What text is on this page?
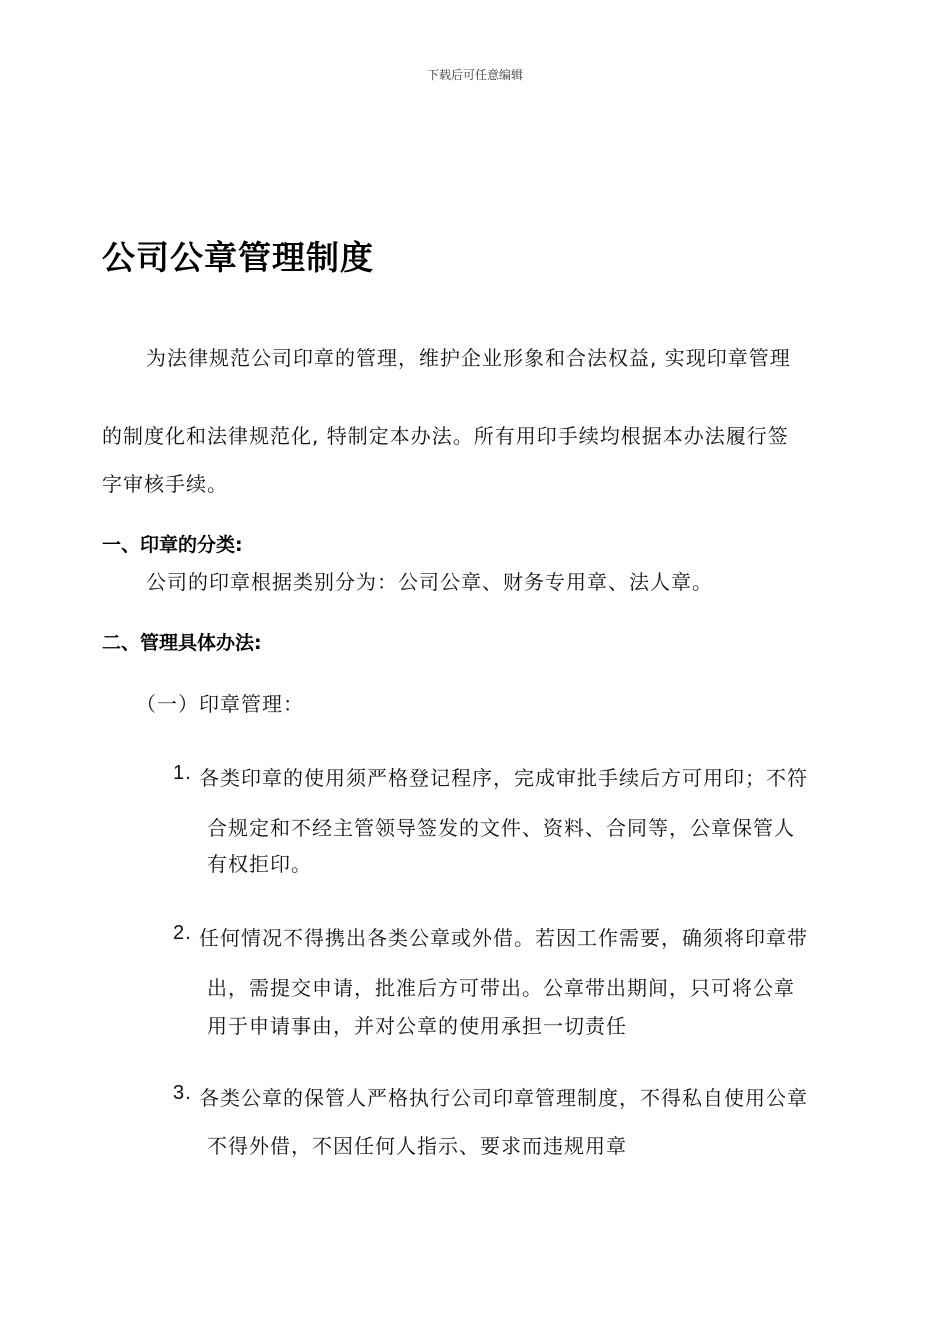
下载后可任意编辑
公司公章管理制度
为法律规范公司印章的管理，维护企业形象和合法权益, 实现印章管理
的制度化和法律规范化, 特制定本办法。所有用印手续均根据本办法履行签
字审核手续。
一、印章的分类:
公司的印章根据类别分为：公司公章、财务专用章、法人章。
二、管理具体办法:
（一）印章管理：
1. 各类印章的使用须严格登记程序，完成审批手续后方可用印；不符
合规定和不经主管领导签发的文件、资料、合同等，公章保管人
有权拒印。
2. 任何情况不得携出各类公章或外借。若因工作需要，确须将印章带
出，需提交申请，批准后方可带出。公章带出期间，只可将公章
用于申请事由，并对公章的使用承担一切责任
3. 各类公章的保管人严格执行公司印章管理制度，不得私自使用公章
不得外借，不因任何人指示、要求而违规用章
